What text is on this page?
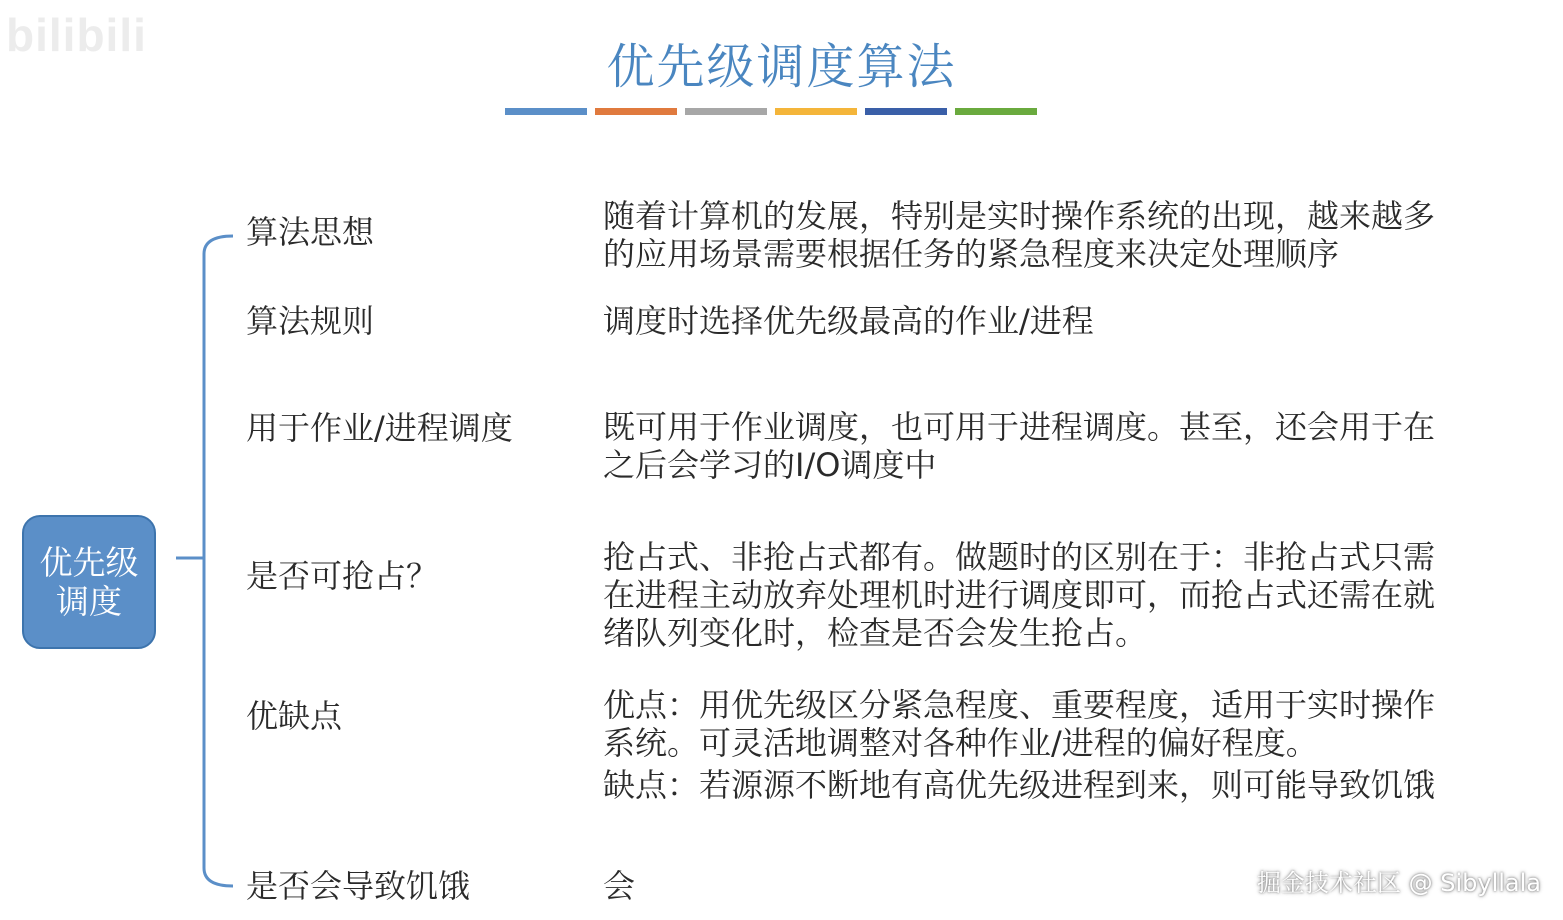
bilibili
优先级调度算法
优先级调度
算法思想	随着计算机的发展，特别是实时操作系统的出现，越来越多的应用场景需要根据任务的紧急程度来决定处理顺序

算法规则	调度时选择优先级最高的作业/进程

用于作业/进程调度	既可用于作业调度，也可用于进程调度。甚至，还会用于在之后会学习的I/O调度中

是否可抢占？	抢占式、非抢占式都有。做题时的区别在于：非抢占式只需在进程主动放弃处理机时进行调度即可，而抢占式还需在就绪队列变化时，检查是否会发生抢占。

优缺点	优点：用优先级区分紧急程度、重要程度，适用于实时操作系统。可灵活地调整对各种作业/进程的偏好程度。

缺点：若源源不断地有高优先级进程到来，则可能导致饥饿

是否会导致饥饿	会	掘金技术社区 @ Sibyllala
